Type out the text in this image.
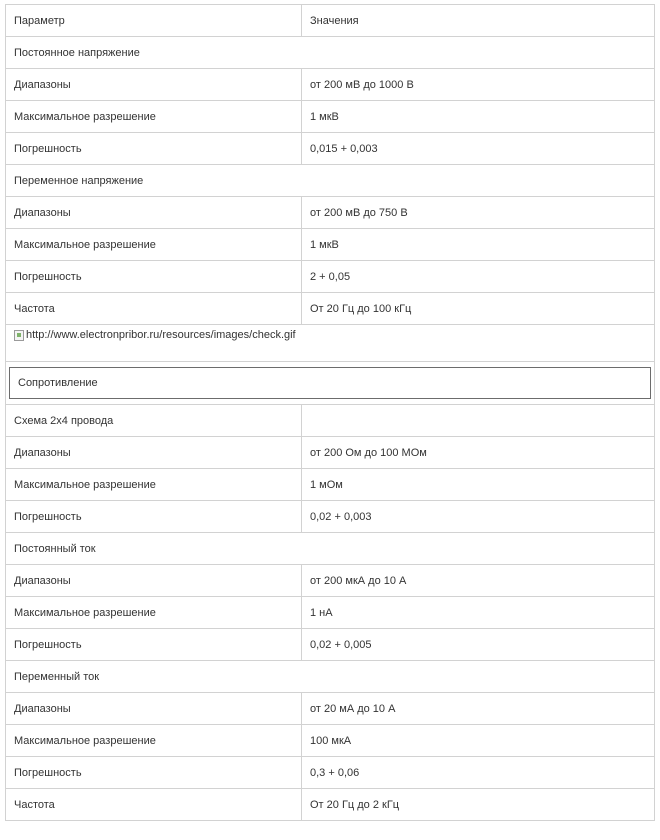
Параметр	Значения
Постоянное напряжение	
Диапазоны	от 200 мВ до 1000 В
Максимальное разрешение	1 мкВ
Погрешность	0,015 + 0,003
Переменное напряжение	
Диапазоны	от 200 мВ до 750 В
Максимальное разрешение	1 мкВ
Погрешность	2 + 0,05
Частота	От 20 Гц до 100 кГц

http://www.electronpribor.ru/resources/images/check.gif	

Сопротивление	

Схема 2х4 провода	
Диапазоны	от 200 Ом до 100 МОм
Максимальное разрешение	1 мОм
Погрешность	0,02 + 0,003
Постоянный ток	
Диапазоны	от 200 мкА до 10 А
Максимальное разрешение	1 нА
Погрешность	0,02 + 0,005
Переменный ток	
Диапазоны	от 20 мА до 10 А
Максимальное разрешение	100 мкА
Погрешность	0,3 + 0,06
Частота	От 20 Гц до 2 кГц
